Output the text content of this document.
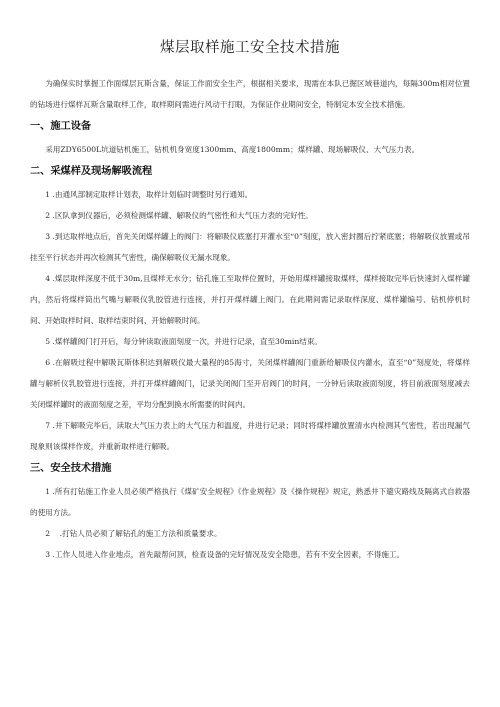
煤层取样施工安全技术措施

为确保实时掌握工作面煤层瓦斯含量，保证工作面安全生产，根据相关要求，现需在本队已掘区域巷道内，每隔300m相对位置的钻场进行煤样瓦斯含量取样工作，取样期间需进行风动干打眼，为保证作业期间安全，特制定本安全技术措施。

一、施工设备

采用ZDY6500L坑道钻机施工，钻机机身宽度1300mm、高度1800mm；煤样罐、现场解吸仪、大气压力表。

二、采煤样及现场解吸流程

1 .由通风部制定取样计划表，取样计划临时调整时另行通知。

2 .区队拿到仪器后，必须检测煤样罐、解吸仪的气密性和大气压力表的完好性。

3 .到达取样地点后，首先关闭煤样罐上的阀门：将解吸仪底塞打开灌水至“0”刻度，放入密封圈后拧紧底塞；将解吸仪放置或吊挂至平行状态并再次检测其气密性，确保解吸仪无漏水现象。

4 .煤层取样深度不低于30m,且煤样无水分；钻孔施工至取样位置时，开始用煤样罐接取煤样，煤样接取完毕后快速封入煤样罐内，然后将煤样筒出气嘴与解吸仪乳胶管进行连接，并打开煤样罐上阀门。在此期间需记录取样深度、煤样罐编号、钻机停机时间、开始取样时间、取样结束时间、开始解吸时间。

5 .煤样罐阀门打开后，每分钟读取液面刻度一次，并进行记录，直至30min结束。

6 .在解吸过程中解吸瓦斯体积达到解吸仪最大量程的85海寸，关闭煤样罐阀门重新给解吸仪内灌水，直至“0”刻度处，将煤样罐与解析仪乳胶管进行连接，并打开煤样罐阀门，记录关闭阀门至开启阀门的时间，一分钟后读取液面刻度，将目前液面刻度减去关闭煤样罐时的液面刻度之差，平均分配到换水所需要的时间内。

7 .井下解吸完毕后，读取大气压力表上的大气压力和温度，并进行记录；同时将煤样罐放置清水内检测其气密性，若出现漏气现象则该煤样作废，并重新取样进行解吸。

三、安全技术措施

1 .所有打钻施工作业人员必须严格执行《煤矿安全规程》《作业规程》及《操作规程》规定，熟悉井下避灾路线及隔离式自救器的使用方法。

2    .打钻人员必须了解钻孔的施工方法和质量要求。

3 .工作人员进入作业地点，首先敲帮问顶，检查设备的完好情况及安全隐患，若有不安全因素，不得施工。
